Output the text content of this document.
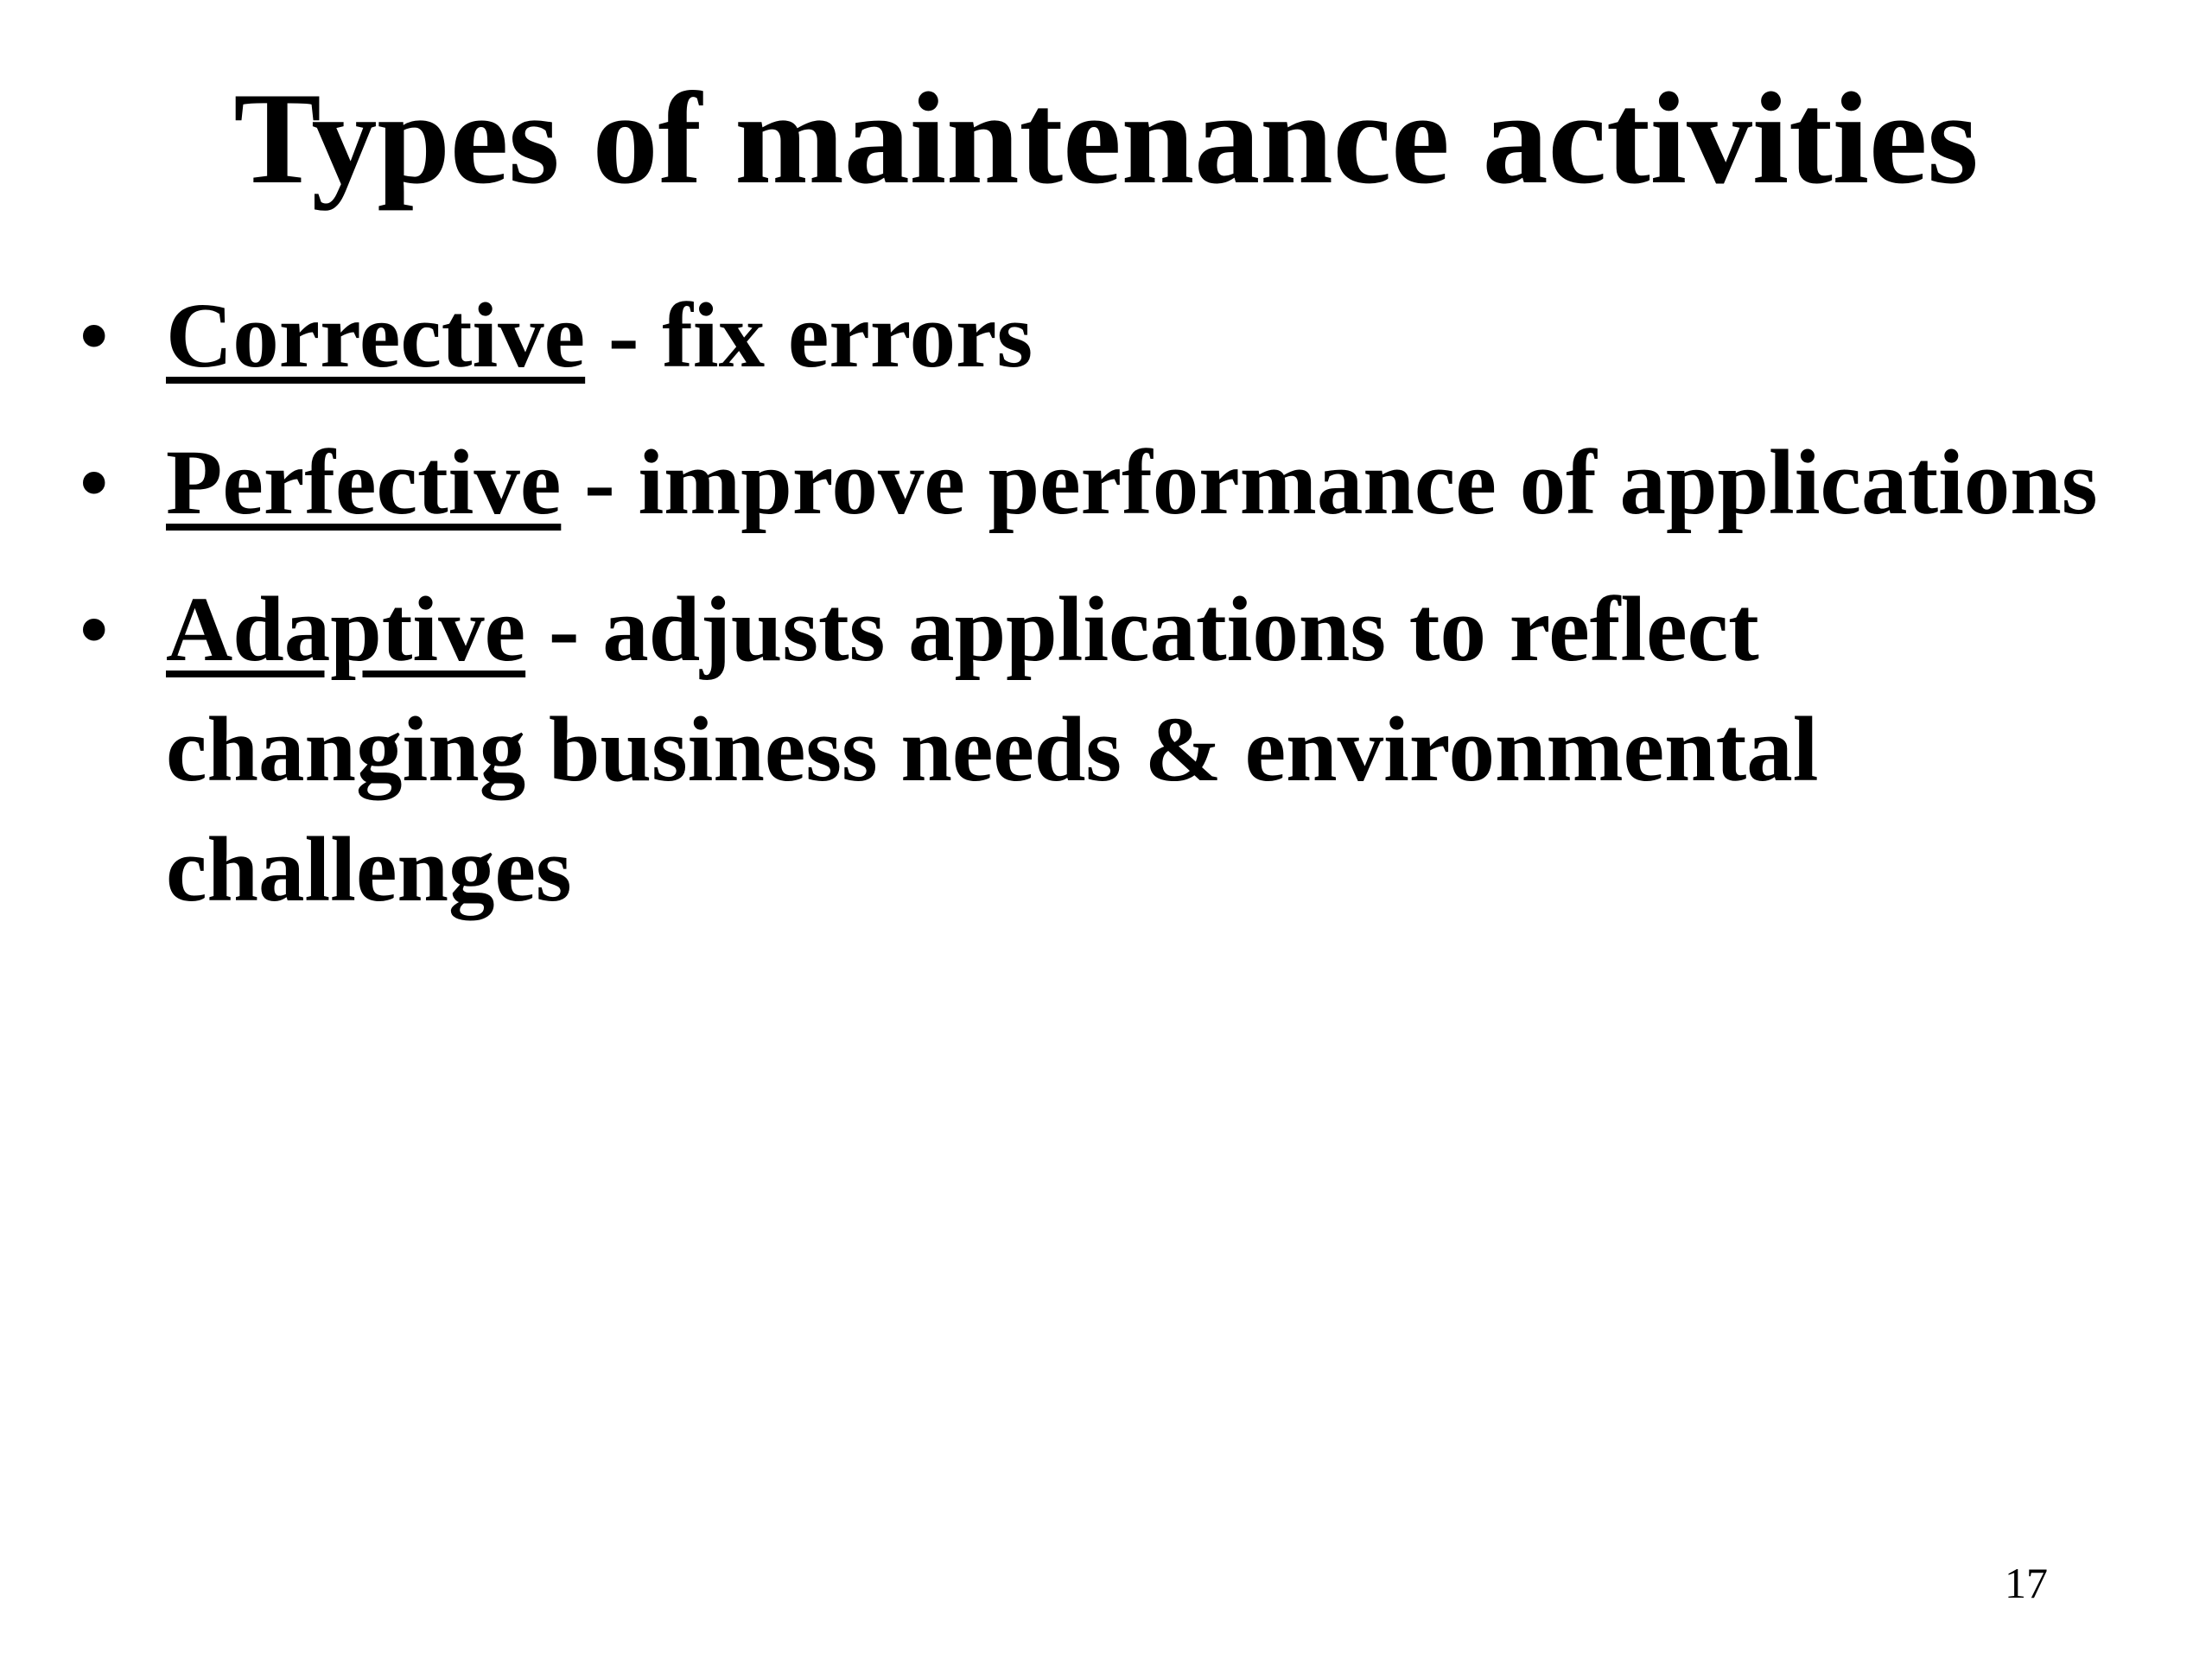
Types of maintenance activities
• Corrective - fix errors
• Perfective - improve performance of applications
• Adaptive - adjusts applications to reflect changing business needs & environmental challenges
17
